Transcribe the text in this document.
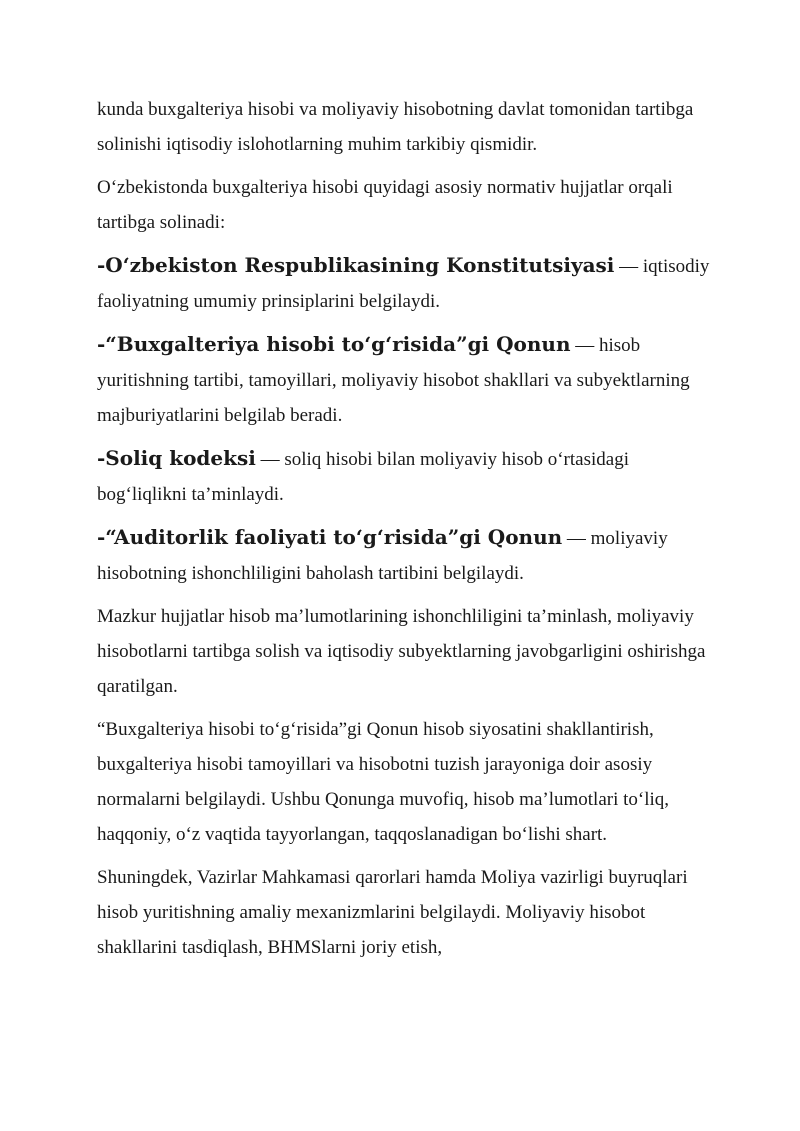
kunda buxgalteriya hisobi va moliyaviy hisobotning davlat tomonidan tartibga solinishi iqtisodiy islohotlarning muhim tarkibiy qismidir.

O‘zbekistonda buxgalteriya hisobi quyidagi asosiy normativ hujjatlar orqali tartibga solinadi:

-O‘zbekiston Respublikasining Konstitutsiyasi — iqtisodiy faoliyatning umumiy prinsiplarini belgilaydi.

-“Buxgalteriya hisobi to‘g‘risida”gi Qonun — hisob yuritishning tartibi, tamoyillari, moliyaviy hisobot shakllari va subyektlarning majburiyatlarini belgilab beradi.

-Soliq kodeksi — soliq hisobi bilan moliyaviy hisob o‘rtasidagi bog‘liqlikni ta’minlaydi.

-“Auditorlik faoliyati to‘g‘risida”gi Qonun — moliyaviy hisobotning ishonchliligini baholash tartibini belgilaydi.

Mazkur hujjatlar hisob ma’lumotlarining ishonchliligini ta’minlash, moliyaviy hisobotlarni tartibga solish va iqtisodiy subyektlarning javobgarligini oshirishga qaratilgan.

“Buxgalteriya hisobi to‘g‘risida”gi Qonun hisob siyosatini shakllantirish, buxgalteriya hisobi tamoyillari va hisobotni tuzish jarayoniga doir asosiy normalarni belgilaydi. Ushbu Qonunga muvofiq, hisob ma’lumotlari to‘liq, haqqoniy, o‘z vaqtida tayyorlangan, taqqoslanadigan bo‘lishi shart.

Shuningdek, Vazirlar Mahkamasi qarorlari hamda Moliya vazirligi buyruqlari hisob yuritishning amaliy mexanizmlarini belgilaydi. Moliyaviy hisobot shakllarini tasdiqlash, BHMSlarni joriy etish,
